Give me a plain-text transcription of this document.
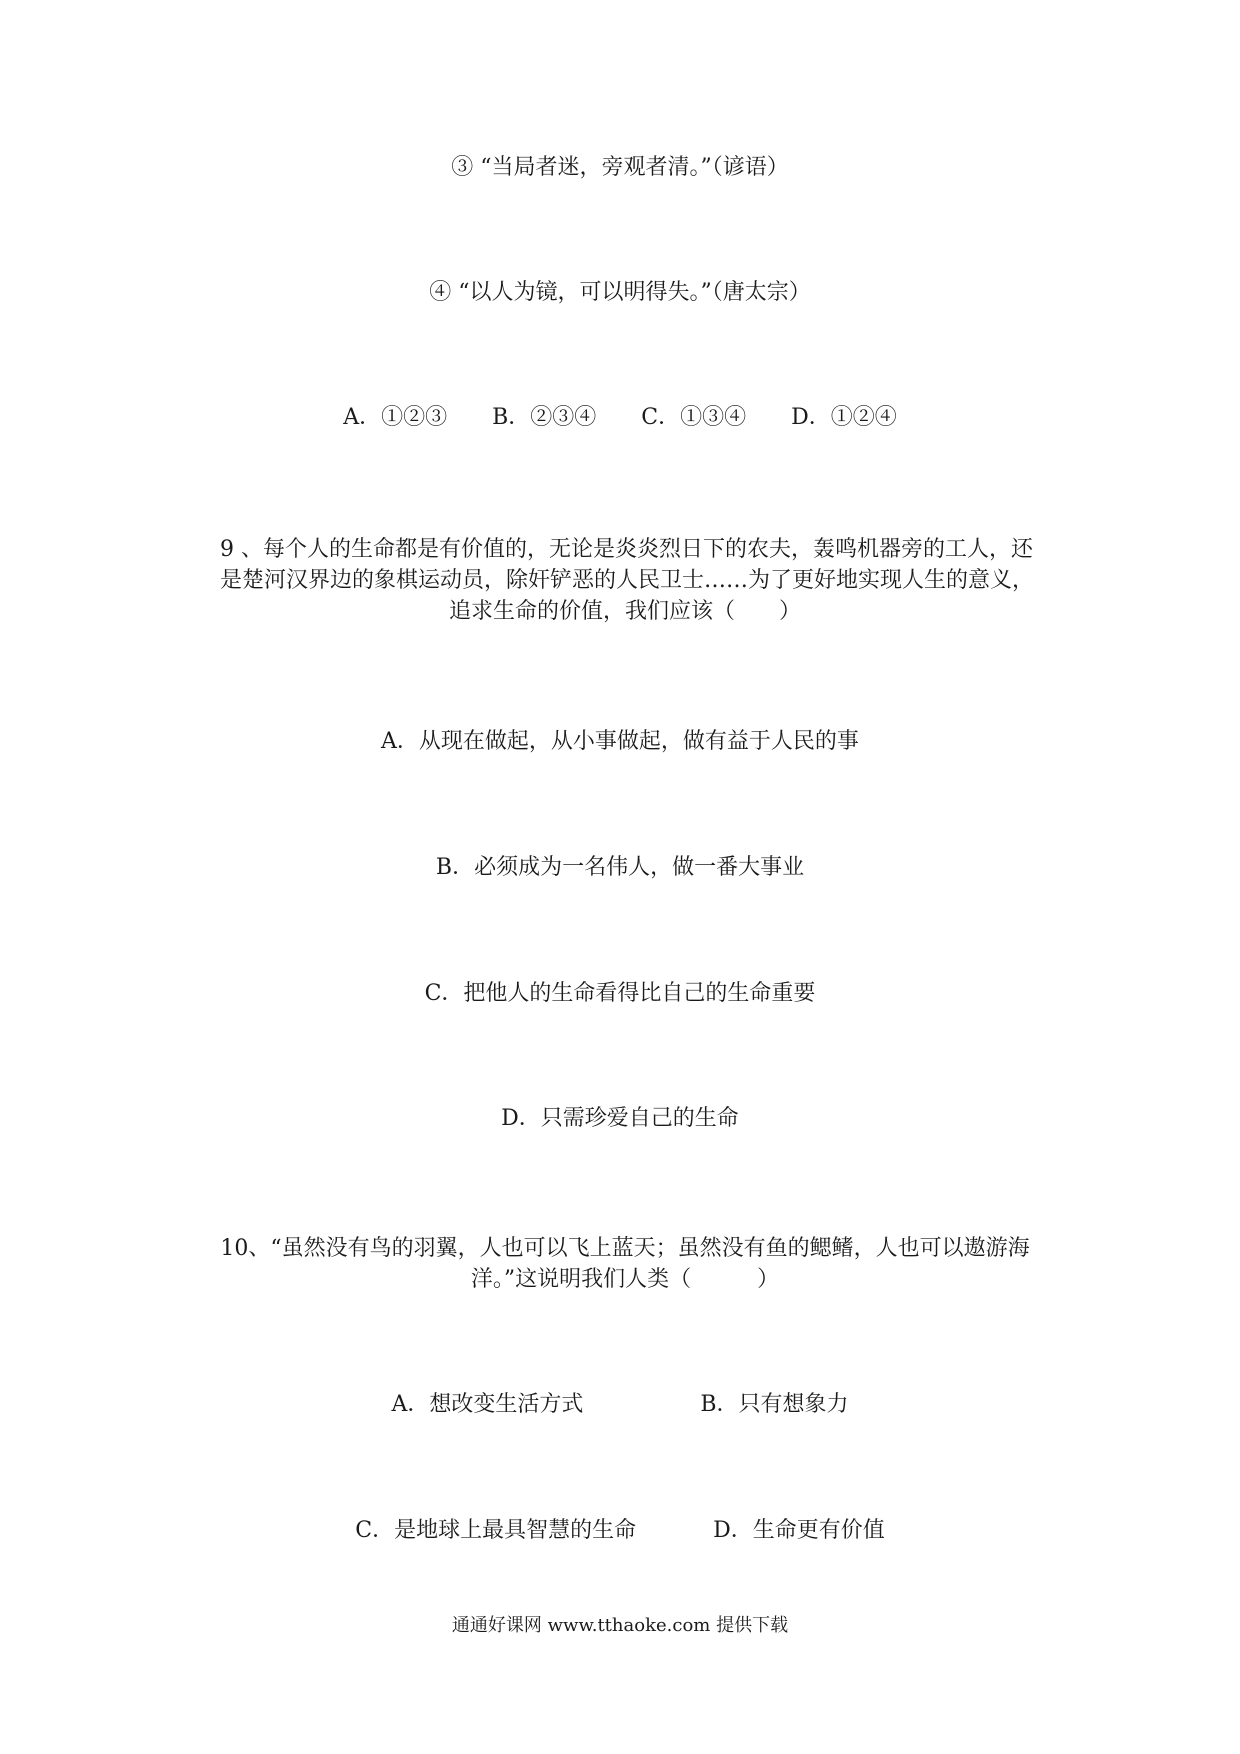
③ “当局者迷，旁观者清。”（谚语）
④ “以人为镜，可以明得失。”（唐太宗）
A．①②③ B．②③④ C．①③④ D．①②④
9 、每个人的生命都是有价值的，无论是炎炎烈日下的农夫，轰鸣机器旁的工人，还
是楚河汉界边的象棋运动员，除奸铲恶的人民卫士……为了更好地实现人生的意义，
追求生命的价值，我们应该（　　）
A．从现在做起，从小事做起，做有益于人民的事
B．必须成为一名伟人，做一番大事业
C．把他人的生命看得比自己的生命重要
D．只需珍爱自己的生命
10、“虽然没有鸟的羽翼，人也可以飞上蓝天；虽然没有鱼的鳃鳍，人也可以遨游海
洋。”这说明我们人类（　　　）
A．想改变生活方式	B．只有想象力
C．是地球上最具智慧的生命	D．生命更有价值
通通好课网 www.tthaoke.com 提供下载
